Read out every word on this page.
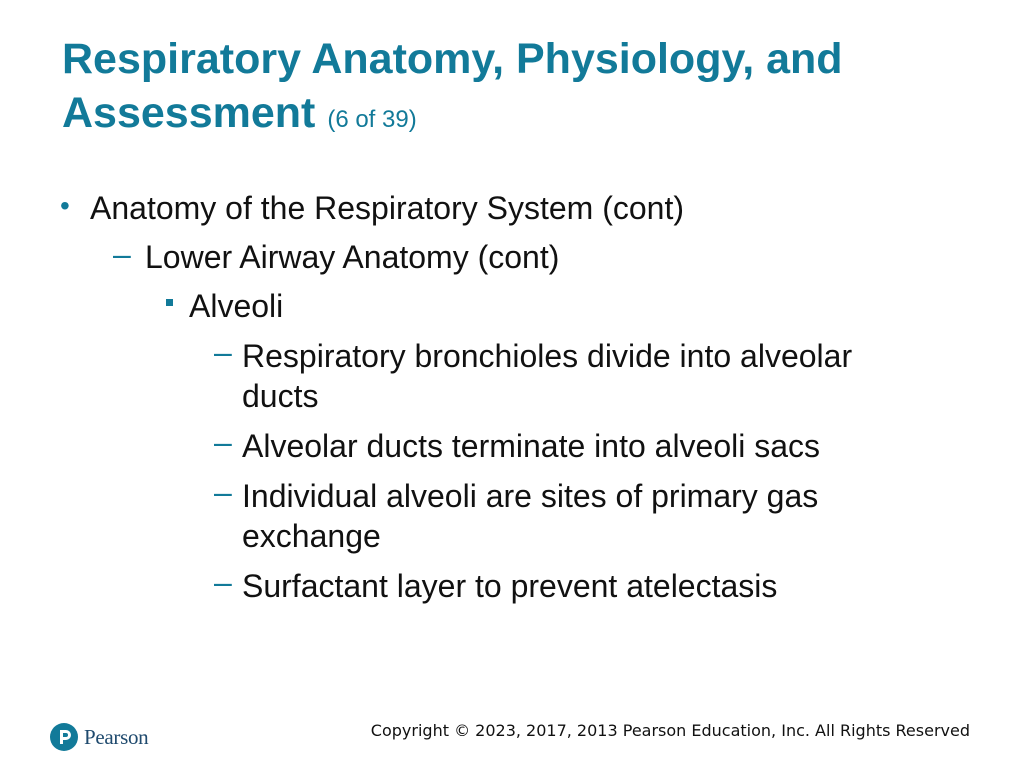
Respiratory Anatomy, Physiology, and
Assessment (6 of 39)
• Anatomy of the Respiratory System (cont)
– Lower Airway Anatomy (cont)
Alveoli
– Respiratory bronchioles divide into alveolar
ducts
– Alveolar ducts terminate into alveoli sacs
– Individual alveoli are sites of primary gas
exchange
– Surfactant layer to prevent atelectasis
Pearson	Copyright © 2023, 2017, 2013 Pearson Education, Inc. All Rights Reserved
